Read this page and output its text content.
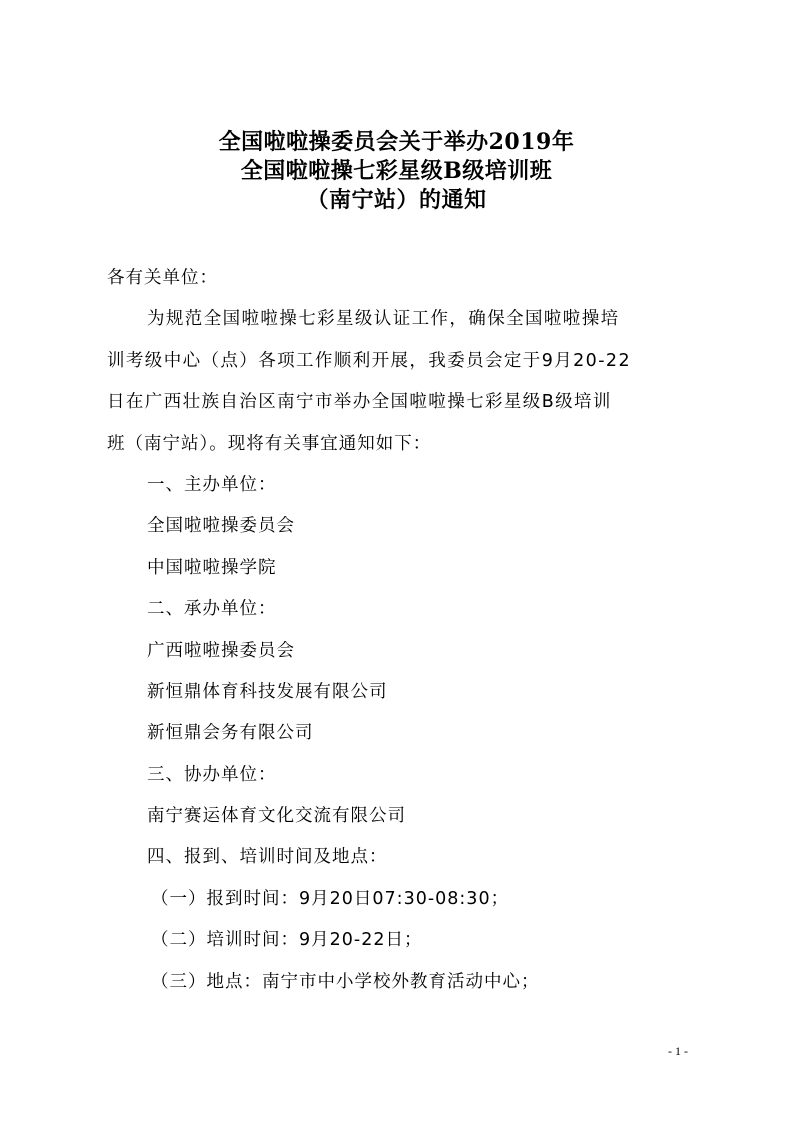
全国啦啦操委员会关于举办2019年
全国啦啦操七彩星级B级培训班
（南宁站）的通知
各有关单位：
为规范全国啦啦操七彩星级认证工作，确保全国啦啦操培
训考级中心（点）各项工作顺利开展，我委员会定于9月20-22
日在广西壮族自治区南宁市举办全国啦啦操七彩星级B级培训
班（南宁站）。现将有关事宜通知如下：
一、主办单位：
全国啦啦操委员会
中国啦啦操学院
二、承办单位：
广西啦啦操委员会
新恒鼎体育科技发展有限公司
新恒鼎会务有限公司
三、协办单位：
南宁赛运体育文化交流有限公司
四、报到、培训时间及地点：
（一）报到时间：9月20日07:30-08:30；
（二）培训时间：9月20-22日；
（三）地点：南宁市中小学校外教育活动中心；
- 1 -
